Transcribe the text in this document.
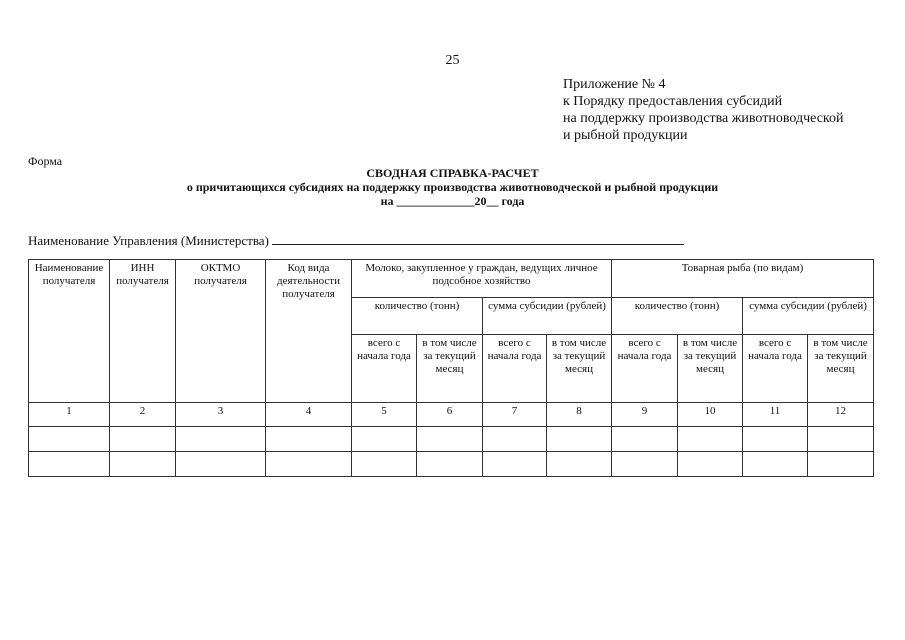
25
Приложение № 4
к Порядку предоставления субсидий
на поддержку производства животноводческой
и рыбной продукции
Форма
СВОДНАЯ СПРАВКА-РАСЧЕТ
о причитающихся субсидиях на поддержку производства животноводческой и рыбной продукции
на _____________20__ года
Наименование Управления (Министерства)
Наименование получателя	ИНН получателя	ОКТМО получателя	Код вида деятельности получателя	Молоко, закупленное у граждан, ведущих личное подсобное хозяйство				Товарная рыба (по видам)			
				количество (тонн)		сумма субсидии (рублей)		количество (тонн)		сумма субсидии (рублей)	
				всего с начала года	в том числе за текущий месяц	всего с начала года	в том числе за текущий месяц	всего с начала года	в том числе за текущий месяц	всего с начала года	в том числе за текущий месяц
1	2	3	4	5	6	7	8	9	10	11	12
